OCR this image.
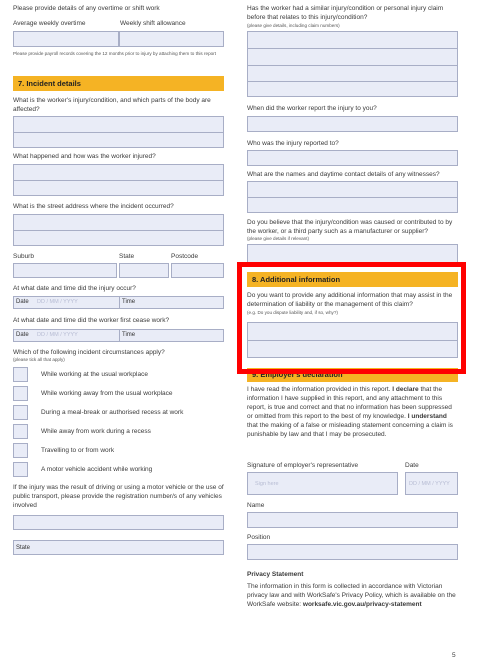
Please provide details of any overtime or shift work
Average weekly overtime	Weekly shift allowance
Please provide payroll records covering the 12 months prior to injury by attaching them to this report
7. Incident details
What is the worker's injury/condition, and which parts of the body are affected?
What happened and how was the worker injured?
What is the street address where the incident occurred?
Suburb	State	Postcode
At what date and time did the injury occur?
Date DD / MM / YYYY	Time
At what date and time did the worker first cease work?
Date DD / MM / YYYY	Time
Which of the following incident circumstances apply?
(please tick all that apply)
While working at the usual workplace
While working away from the usual workplace
During a meal-break or authorised recess at work
While away from work during a recess
Travelling to or from work
A motor vehicle accident while working
If the injury was the result of driving or using a motor vehicle or the use of public transport, please provide the registration number/s of any vehicles involved
State
Has the worker had a similar injury/condition or personal injury claim before that relates to this injury/condition?
(please give details, including claim numbers)
When did the worker report the injury to you?
Who was the injury reported to?
What are the names and daytime contact details of any witnesses?
Do you believe that the injury/condition was caused or contributed to by the worker, or a third party such as a manufacturer or supplier?
(please give details if relevant)
8. Additional information
Do you want to provide any additional information that may assist in the determination of liability or the management of this claim?
(e.g. Do you dispute liability and, if so, why?)
9. Employer's declaration
I have read the information provided in this report. I declare that the information I have supplied in this report, and any attachment to this report, is true and correct and that no information has been suppressed or omitted from this report to the best of my knowledge. I understand that the making of a false or misleading statement concerning a claim is punishable by law and that I may be prosecuted.
Signature of employer's representative	Date
Sign here	DD / MM / YYYY
Name
Position
Privacy Statement
The information in this form is collected in accordance with Victorian privacy law and with WorkSafe's Privacy Policy, which is available on the WorkSafe website: worksafe.vic.gov.au/privacy-statement
5
